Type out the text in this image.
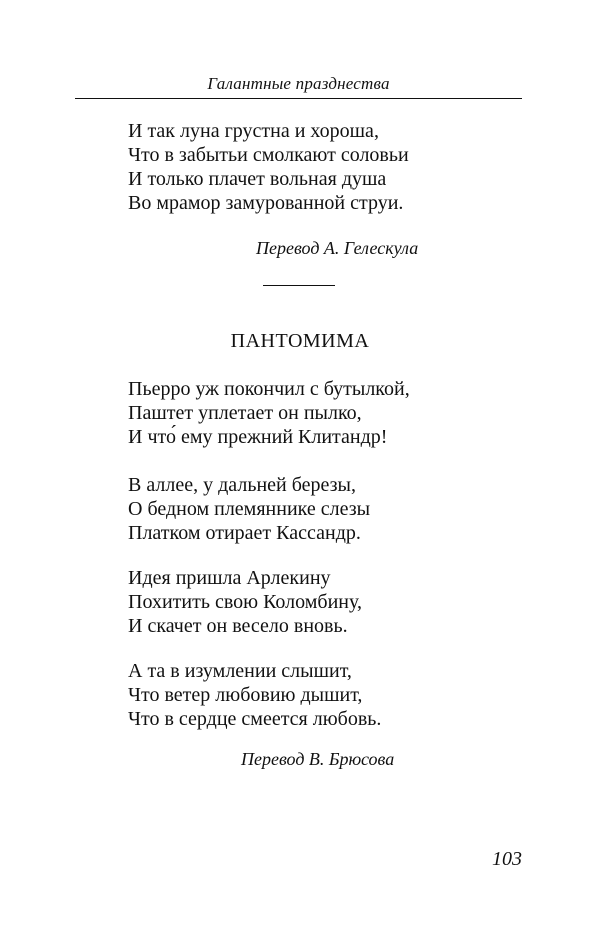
Галантные празднества
И так луна грустна и хороша,
Что в забытьи смолкают соловьи
И только плачет вольная душа
Во мрамор замурованной струи.
Перевод А. Гелескула
ПАНТОМИМА
Пьерро уж покончил с бутылкой,
Паштет уплетает он пылко,
И что́ ему прежний Клитандр!
В аллее, у дальней березы,
О бедном племяннике слезы
Платком отирает Кассандр.
Идея пришла Арлекину
Похитить свою Коломбину,
И скачет он весело вновь.
А та в изумлении слышит,
Что ветер любовию дышит,
Что в сердце смеется любовь.
Перевод В. Брюсова
103
